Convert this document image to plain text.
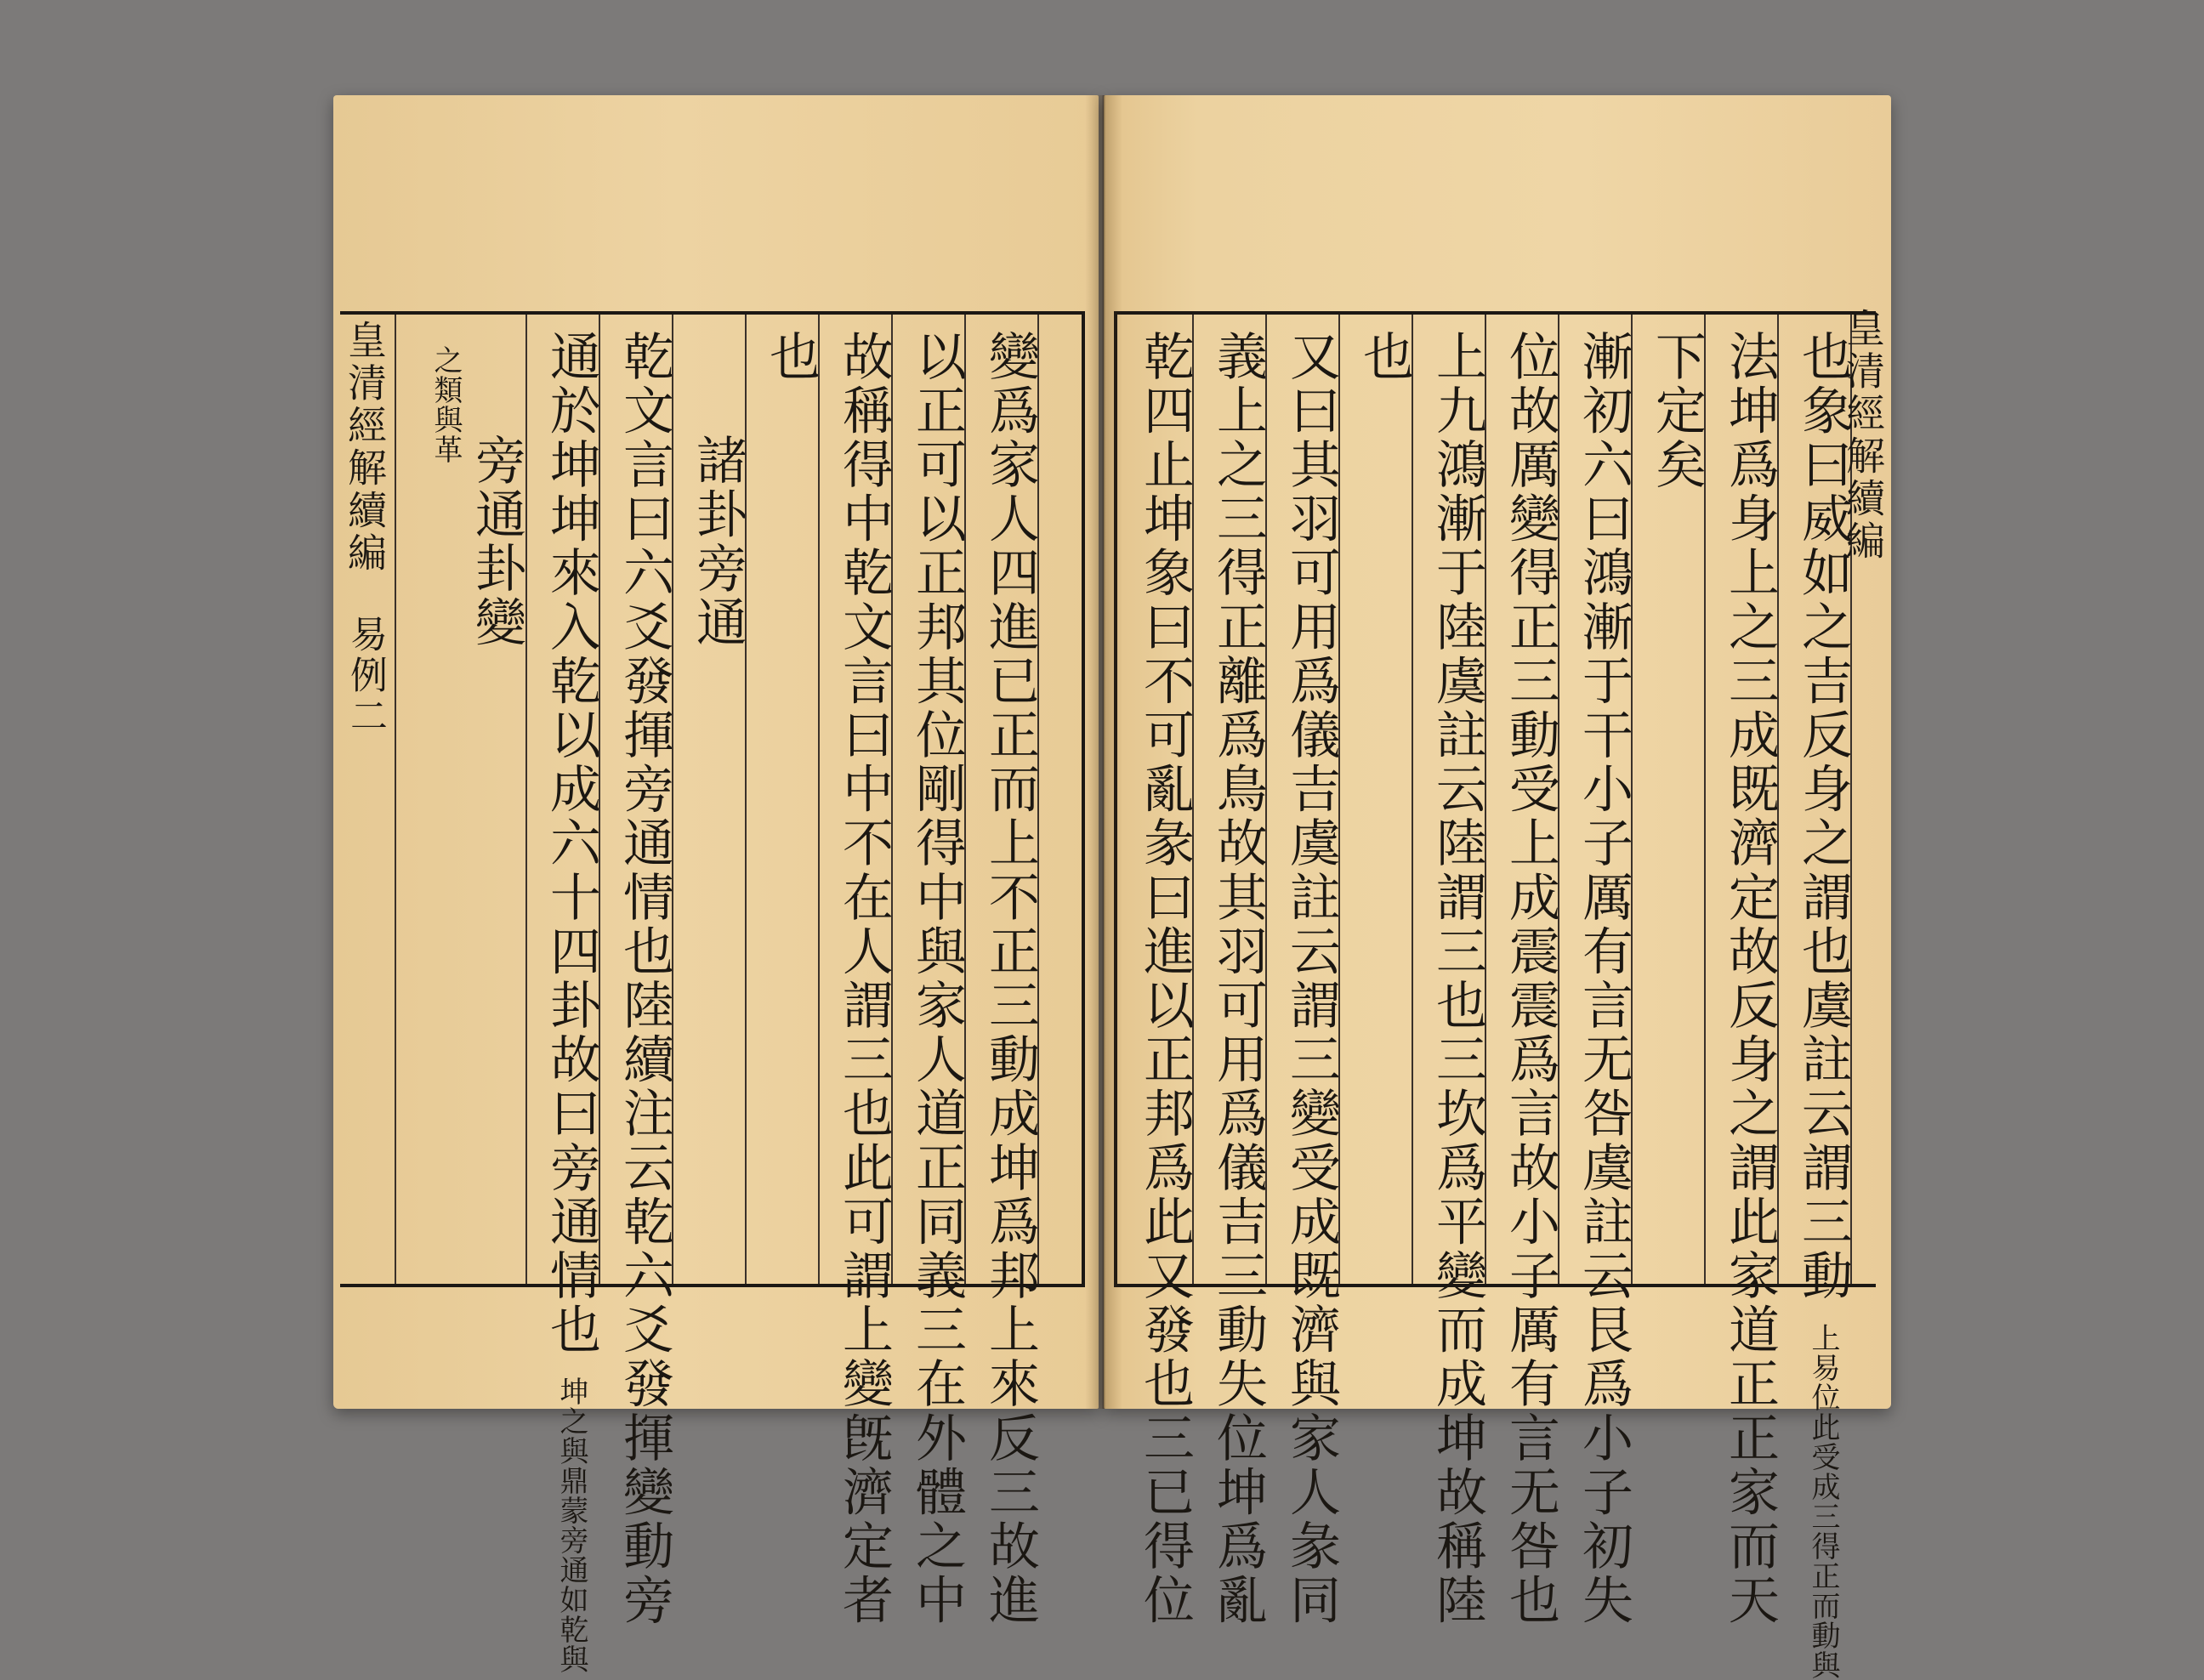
皇清經解續編 易例二
之類
與革 旁通卦變 通於坤坤來入乾以成六十四卦故曰旁通情也
坤之與鼎蒙
旁通如乾與 乾文言曰六爻發揮旁通情也陸續注云乾六爻發揮變動旁 諸卦旁通
也 故稱得中乾文言曰中不在人謂三也此可謂上變旣濟定者 以正可以正邦其位剛得中與家人道正同義三在外體之中 變爲家人四進已正而上不正三動成坤爲邦上來反三故進 乾四止坤象曰不可亂彖曰進以正邦爲此又發也三已得位 義上之三得正離爲鳥故其羽可用爲儀吉三動失位坤爲亂 又曰其羽可用爲儀吉虞註云謂三變受成既濟與家人彖同 也 上九鴻漸于陸虞註云陸謂三也三坎爲平變而成坤故稱陸 位故厲變得正三動受上成震震爲言故小子厲有言无咎也 漸初六曰鴻漸于干小子厲有言无咎虞註云艮爲小子初失 下定矣 法坤爲身上之三成既濟定故反身之謂此家道正正家而天 也象曰威如之吉反身之謂也虞註云謂三動
上易位此受成
三得正而動與
皇清經解續編
